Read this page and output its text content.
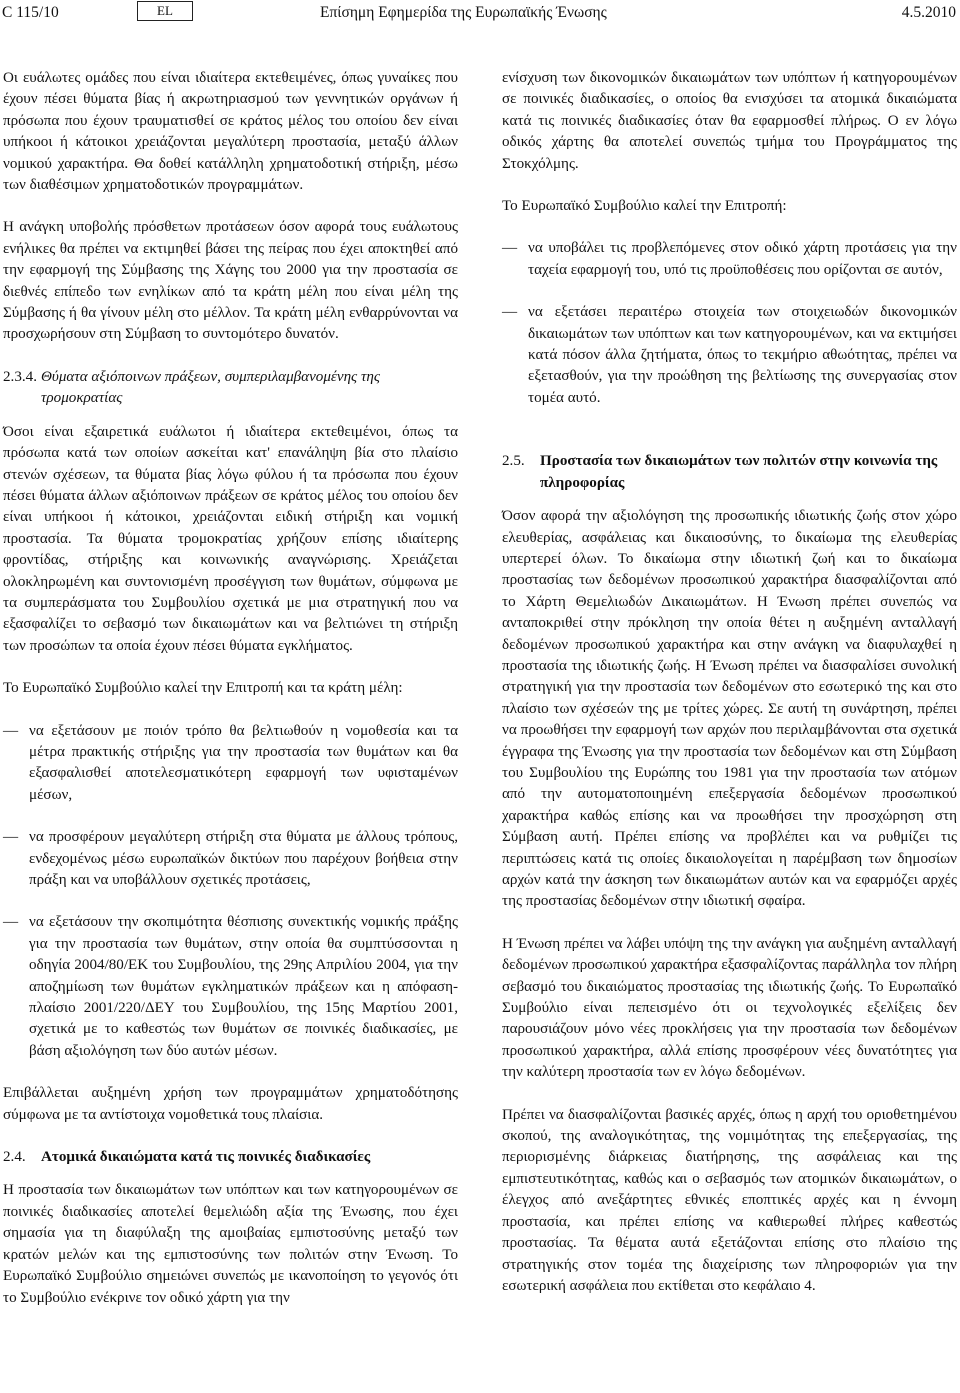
C 115/10	EL	Επίσημη Εφημερίδα της Ευρωπαϊκής Ένωσης	4.5.2010

Οι ευάλωτες ομάδες που είναι ιδιαίτερα εκτεθειμένες, όπως γυναίκες που έχουν πέσει θύματα βίας ή ακρωτηριασμού των γεννητικών οργάνων ή πρόσωπα που έχουν τραυματισθεί σε κράτος μέλος του οποίου δεν είναι υπήκοοι ή κάτοικοι χρειάζονται μεγαλύτερη προστασία, μεταξύ άλλων νομικού χαρακτήρα. Θα δοθεί κατάλληλη χρηματοδοτική στήριξη, μέσω των διαθέσιμων χρηματοδοτικών προγραμμάτων.

Η ανάγκη υποβολής πρόσθετων προτάσεων όσον αφορά τους ευάλωτους ενήλικες θα πρέπει να εκτιμηθεί βάσει της πείρας που έχει αποκτηθεί από την εφαρμογή της Σύμβασης της Χάγης του 2000 για την προστασία σε διεθνές επίπεδο των ενηλίκων από τα κράτη μέλη που είναι μέλη της Σύμβασης ή θα γίνουν μέλη στο μέλλον. Τα κράτη μέλη ενθαρρύνονται να προσχωρήσουν στη Σύμβαση το συντομότερο δυνατόν.

2.3.4. Θύματα αξιόποινων πράξεων, συμπεριλαμβανομένης της τρομοκρατίας

Όσοι είναι εξαιρετικά ευάλωτοι ή ιδιαίτερα εκτεθειμένοι, όπως τα πρόσωπα κατά των οποίων ασκείται κατ' επανάληψη βία στο πλαίσιο στενών σχέσεων, τα θύματα βίας λόγω φύλου ή τα πρόσωπα που έχουν πέσει θύματα άλλων αξιόποινων πράξεων σε κράτος μέλος του οποίου δεν είναι υπήκοοι ή κάτοικοι, χρειάζονται ειδική στήριξη και νομική προστασία. Τα θύματα τρομοκρατίας χρήζουν επίσης ιδιαίτερης φροντίδας, στήριξης και κοινωνικής αναγνώρισης. Χρειάζεται ολοκληρωμένη και συντονισμένη προσέγγιση των θυμάτων, σύμφωνα με τα συμπεράσματα του Συμβουλίου σχετικά με μια στρατηγική που να εξασφαλίζει το σεβασμό των δικαιωμάτων και να βελτιώνει τη στήριξη των προσώπων τα οποία έχουν πέσει θύματα εγκλήματος.

Το Ευρωπαϊκό Συμβούλιο καλεί την Επιτροπή και τα κράτη μέλη:

— να εξετάσουν με ποιόν τρόπο θα βελτιωθούν η νομοθεσία και τα μέτρα πρακτικής στήριξης για την προστασία των θυμάτων και θα εξασφαλισθεί αποτελεσματικότερη εφαρμογή των υφισταμένων μέσων,
— να προσφέρουν μεγαλύτερη στήριξη στα θύματα με άλλους τρόπους, ενδεχομένως μέσω ευρωπαϊκών δικτύων που παρέχουν βοήθεια στην πράξη και να υποβάλλουν σχετικές προτάσεις,
— να εξετάσουν την σκοπιμότητα θέσπισης συνεκτικής νομικής πράξης για την προστασία των θυμάτων, στην οποία θα συμπτύσσονται η οδηγία 2004/80/ΕΚ του Συμβουλίου, της 29ης Απριλίου 2004, για την αποζημίωση των θυμάτων εγκληματικών πράξεων και η απόφαση-πλαίσιο 2001/220/ΔΕΥ του Συμβουλίου, της 15ης Μαρτίου 2001, σχετικά με το καθεστώς των θυμάτων σε ποινικές διαδικασίες, με βάση αξιολόγηση των δύο αυτών μέσων.

Επιβάλλεται αυξημένη χρήση των προγραμμάτων χρηματοδότησης σύμφωνα με τα αντίστοιχα νομοθετικά τους πλαίσια.

2.4.	Ατομικά δικαιώματα κατά τις ποινικές διαδικασίες

Η προστασία των δικαιωμάτων των υπόπτων και των κατηγορουμένων σε ποινικές διαδικασίες αποτελεί θεμελιώδη αξία της Ένωσης, που έχει σημασία για τη διαφύλαξη της αμοιβαίας εμπιστοσύνης μεταξύ των κρατών μελών και της εμπιστοσύνης των πολιτών στην Ένωση. Το Ευρωπαϊκό Συμβούλιο σημειώνει συνεπώς με ικανοποίηση το γεγονός ότι το Συμβούλιο ενέκρινε τον οδικό χάρτη για την

ενίσχυση των δικονομικών δικαιωμάτων των υπόπτων ή κατηγορουμένων σε ποινικές διαδικασίες, ο οποίος θα ενισχύσει τα ατομικά δικαιώματα κατά τις ποινικές διαδικασίες όταν θα εφαρμοσθεί πλήρως. Ο εν λόγω οδικός χάρτης θα αποτελεί συνεπώς τμήμα του Προγράμματος της Στοκχόλμης.

Το Ευρωπαϊκό Συμβούλιο καλεί την Επιτροπή:

— να υποβάλει τις προβλεπόμενες στον οδικό χάρτη προτάσεις για την ταχεία εφαρμογή του, υπό τις προϋποθέσεις που ορίζονται σε αυτόν,
— να εξετάσει περαιτέρω στοιχεία των στοιχειωδών δικονομικών δικαιωμάτων των υπόπτων και των κατηγορουμένων, και να εκτιμήσει κατά πόσον άλλα ζητήματα, όπως το τεκμήριο αθωότητας, πρέπει να εξετασθούν, για την προώθηση της βελτίωσης της συνεργασίας στον τομέα αυτό.
2.5.	Προστασία των δικαιωμάτων των πολιτών στην κοινωνία της πληροφορίας

Όσον αφορά την αξιολόγηση της προσωπικής ιδιωτικής ζωής στον χώρο ελευθερίας, ασφάλειας και δικαιοσύνης, το δικαίωμα της ελευθερίας υπερτερεί όλων. Το δικαίωμα στην ιδιωτική ζωή και το δικαίωμα προστασίας των δεδομένων προσωπικού χαρακτήρα διασφαλίζονται από το Χάρτη Θεμελιωδών Δικαιωμάτων. Η Ένωση πρέπει συνεπώς να ανταποκριθεί στην πρόκληση την οποία θέτει η αυξημένη ανταλλαγή δεδομένων προσωπικού χαρακτήρα και στην ανάγκη να διαφυλαχθεί η προστασία της ιδιωτικής ζωής. Η Ένωση πρέπει να διασφαλίσει συνολική στρατηγική για την προστασία των δεδομένων στο εσωτερικό της και στο πλαίσιο των σχέσεών της με τρίτες χώρες. Σε αυτή τη συνάρτηση, πρέπει να προωθήσει την εφαρμογή των αρχών που περιλαμβάνονται στα σχετικά έγγραφα της Ένωσης για την προστασία των δεδομένων και στη Σύμβαση του Συμβουλίου της Ευρώπης του 1981 για την προστασία των ατόμων από την αυτοματοποιημένη επεξεργασία δεδομένων προσωπικού χαρακτήρα καθώς επίσης και να προωθήσει την προσχώρηση στη Σύμβαση αυτή. Πρέπει επίσης να προβλέπει και να ρυθμίζει τις περιπτώσεις κατά τις οποίες δικαιολογείται η παρέμβαση των δημοσίων αρχών κατά την άσκηση των δικαιωμάτων αυτών και να εφαρμόζει αρχές της προστασίας δεδομένων στην ιδιωτική σφαίρα.

Η Ένωση πρέπει να λάβει υπόψη της την ανάγκη για αυξημένη ανταλλαγή δεδομένων προσωπικού χαρακτήρα εξασφαλίζοντας παράλληλα τον πλήρη σεβασμό του δικαιώματος προστασίας της ιδιωτικής ζωής. Το Ευρωπαϊκό Συμβούλιο είναι πεπεισμένο ότι οι τεχνολογικές εξελίξεις δεν παρουσιάζουν μόνο νέες προκλήσεις για την προστασία των δεδομένων προσωπικού χαρακτήρα, αλλά επίσης προσφέρουν νέες δυνατότητες για την καλύτερη προστασία των εν λόγω δεδομένων.

Πρέπει να διασφαλίζονται βασικές αρχές, όπως η αρχή του οριοθετημένου σκοπού, της αναλογικότητας, της νομιμότητας της επεξεργασίας, της περιορισμένης διάρκειας διατήρησης, της ασφάλειας και της εμπιστευτικότητας, καθώς και ο σεβασμός των ατομικών δικαιωμάτων, ο έλεγχος από ανεξάρτητες εθνικές εποπτικές αρχές και η έννομη προστασία, και πρέπει επίσης να καθιερωθεί πλήρες καθεστώς προστασίας. Τα θέματα αυτά εξετάζονται επίσης στο πλαίσιο της στρατηγικής στον τομέα της διαχείρισης των πληροφοριών για την εσωτερική ασφάλεια που εκτίθεται στο κεφάλαιο 4.
